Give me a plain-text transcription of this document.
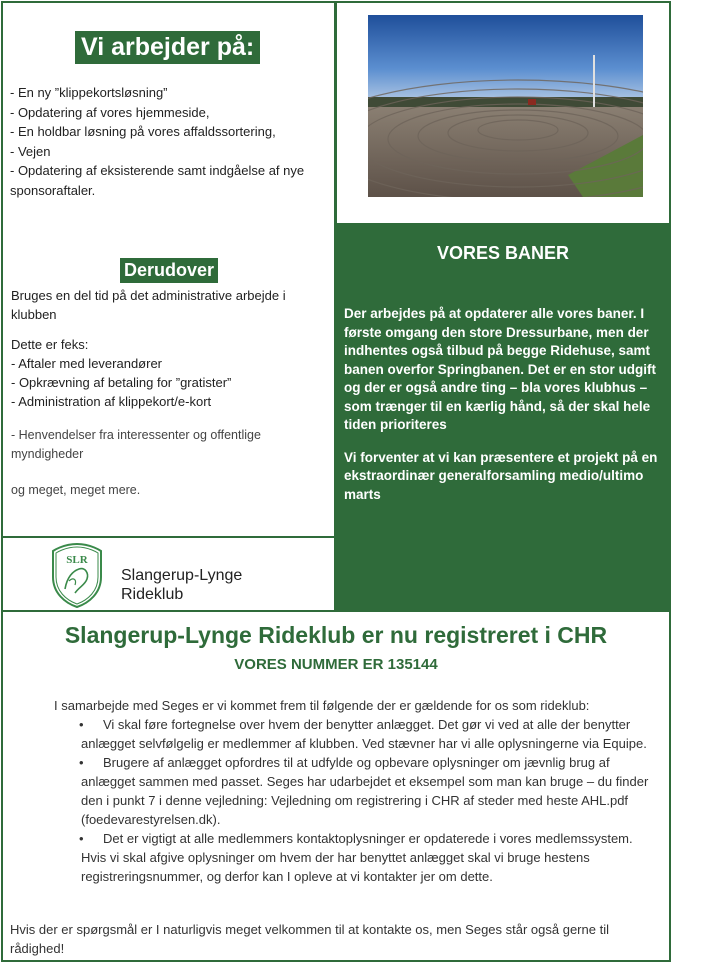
Vi arbejder på:
- En ny ”klippekortsløsning”
- Opdatering af vores hjemmeside,
- En holdbar løsning på vores affaldssortering,
- Vejen
- Opdatering af eksisterende samt indgåelse af nye sponsoraftaler.
Derudover
Bruges en del tid på det administrative arbejde i klubben
Dette er feks:
- Aftaler med leverandører
- Opkrævning af betaling for ”gratister”
- Administration af klippekort/e-kort
- Henvendelser fra interessenter og offentlige myndigheder
og meget, meget mere.
VORES BANER

Der arbejdes på at opdaterer alle vores baner. I første omgang den store Dressurbane, men der indhentes også tilbud på begge Ridehuse, samt banen overfor Springbanen. Det er en stor udgift og der er også andre ting – bla vores klubhus – som trænger til en kærlig hånd, så der skal hele tiden prioriteres

Vi forventer at vi kan præsentere et projekt på en ekstraordinær generalforsamling medio/ultimo marts

SLR
Slangerup-Lynge
Rideklub
Slangerup-Lynge Rideklub er nu registreret i CHR
VORES NUMMER ER 135144
I samarbejde med Seges er vi kommet frem til følgende der er gældende for os som rideklub:
•	Vi skal føre fortegnelse over hvem der benytter anlægget. Det gør vi ved at alle der benytter anlægget selvfølgelig er medlemmer af klubben. Ved stævner har vi alle oplysningerne via Equipe.
•	Brugere af anlægget opfordres til at udfylde og opbevare oplysninger om jævnlig brug af anlægget sammen med passet. Seges har udarbejdet et eksempel som man kan bruge – du finder den i punkt 7 i denne vejledning: Vejledning om registrering i CHR af steder med heste AHL.pdf (foedevarestyrelsen.dk).
•	Det er vigtigt at alle medlemmers kontaktoplysninger er opdaterede i vores medlemssystem. Hvis vi skal afgive oplysninger om hvem der har benyttet anlægget skal vi bruge hestens registreringsnummer, og derfor kan I opleve at vi kontakter jer om dette.
Hvis der er spørgsmål er I naturligvis meget velkommen til at kontakte os, men Seges står også gerne til rådighed!
